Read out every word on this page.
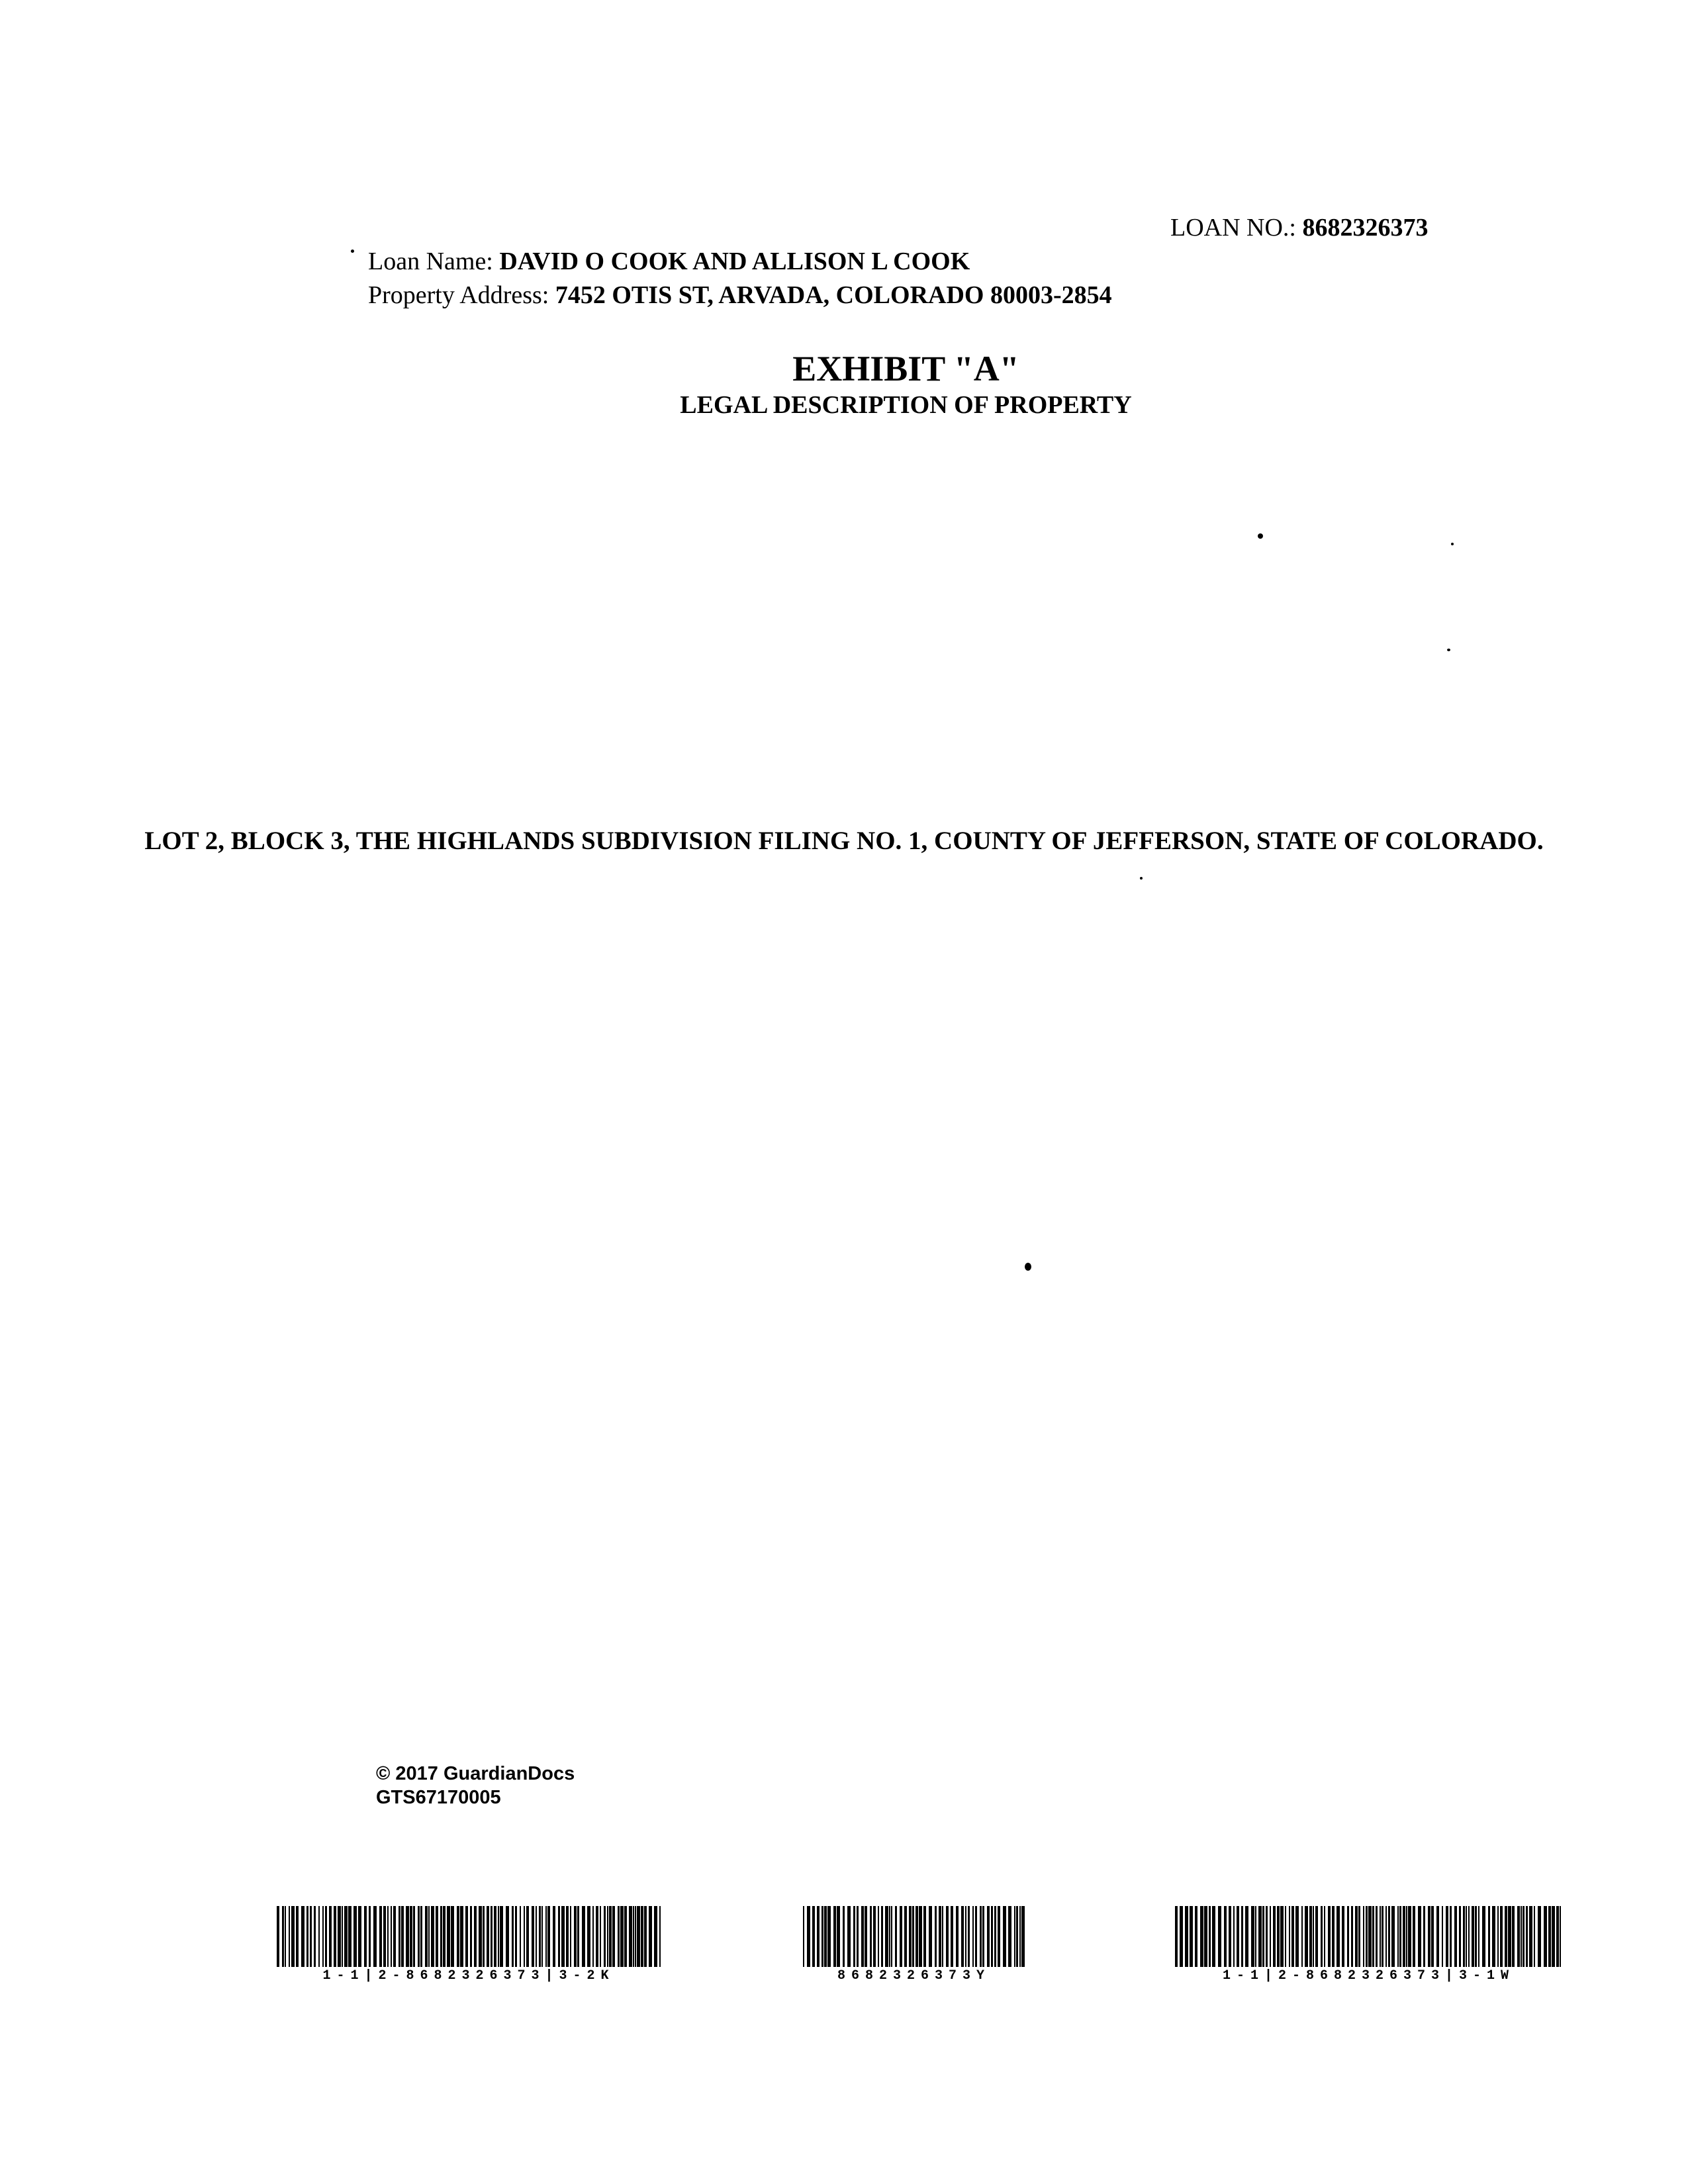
LOAN NO.: 8682326373
Loan Name: DAVID O COOK AND ALLISON L COOK
Property Address: 7452 OTIS ST, ARVADA, COLORADO 80003-2854
EXHIBIT "A"
LEGAL DESCRIPTION OF PROPERTY
LOT 2, BLOCK 3, THE HIGHLANDS SUBDIVISION FILING NO. 1, COUNTY OF JEFFERSON, STATE OF COLORADO.
© 2017 GuardianDocs
GTS67170005
1-1|2-8682326373|3-2K	8682326373Y	1-1|2-8682326373|3-1W
